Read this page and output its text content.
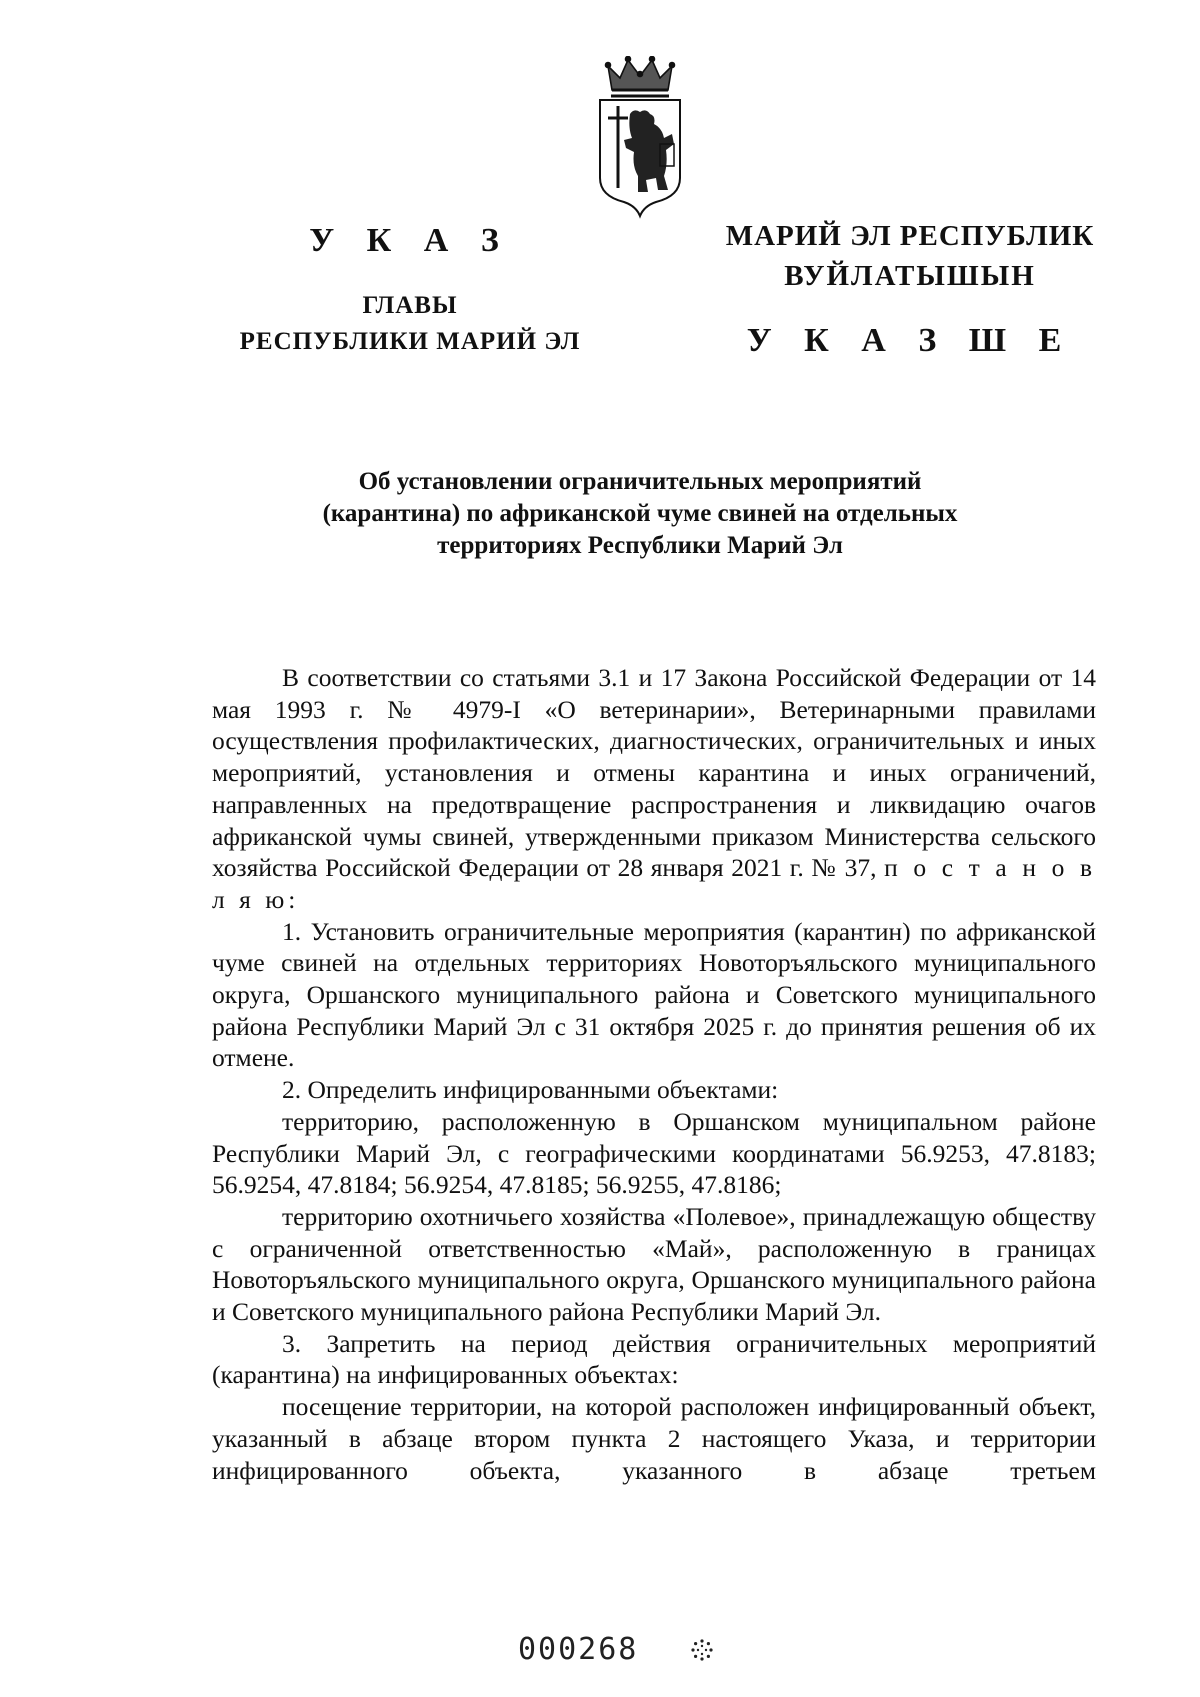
У К А З
ГЛАВЫ
РЕСПУБЛИКИ МАРИЙ ЭЛ
МАРИЙ ЭЛ РЕСПУБЛИК
ВУЙЛАТЫШЫН
У К А З Ш Е
Об установлении ограничительных мероприятий
(карантина) по африканской чуме свиней на отдельных
территориях Республики Марий Эл

В соответствии со статьями 3.1 и 17 Закона Российской Федерации от 14 мая 1993 г. № 4979-I «О ветеринарии», Ветеринарными правилами осуществления профилактических, диагностических, ограничительных и иных мероприятий, установления и отмены карантина и иных ограничений, направленных на предотвращение распространения и ликвидацию очагов африканской чумы свиней, утвержденными приказом Министерства сельского хозяйства Российской Федерации от 28 января 2021 г. № 37, п о с т а н о в л я ю:

1. Установить ограничительные мероприятия (карантин) по африканской чуме свиней на отдельных территориях Новоторъяльского муниципального округа, Оршанского муниципального района и Советского муниципального района Республики Марий Эл с 31 октября 2025 г. до принятия решения об их отмене.

2. Определить инфицированными объектами:

территорию, расположенную в Оршанском муниципальном районе Республики Марий Эл, с географическими координатами 56.9253, 47.8183; 56.9254, 47.8184; 56.9254, 47.8185; 56.9255, 47.8186;

территорию охотничьего хозяйства «Полевое», принадлежащую обществу с ограниченной ответственностью «Май», расположенную в границах Новоторъяльского муниципального округа, Оршанского муниципального района и Советского муниципального района Республики Марий Эл.

3. Запретить на период действия ограничительных мероприятий (карантина) на инфицированных объектах:

посещение территории, на которой расположен инфицированный объект, указанный в абзаце втором пункта 2 настоящего Указа, и территории инфицированного объекта, указанного в абзаце третьем

000268
